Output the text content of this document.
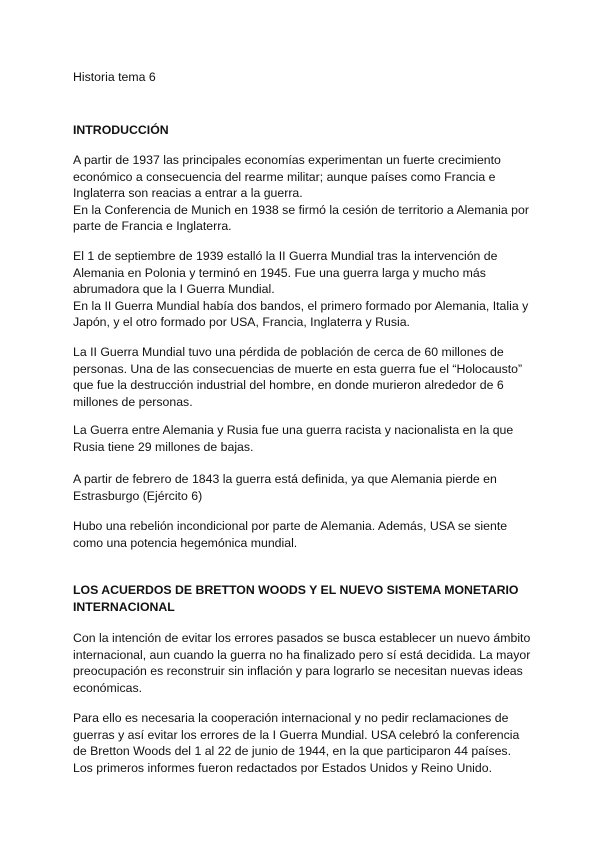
Historia tema 6

INTRODUCCIÓN

A partir de 1937 las principales economías experimentan un fuerte crecimiento

económico a consecuencia del rearme militar; aunque países como Francia e

Inglaterra son reacias a entrar a la guerra.

En la Conferencia de Munich en 1938 se firmó la cesión de territorio a Alemania por

parte de Francia e Inglaterra.

El 1 de septiembre de 1939 estalló la II Guerra Mundial tras la intervención de

Alemania en Polonia y terminó en 1945. Fue una guerra larga y mucho más

abrumadora que la I Guerra Mundial.

En la II Guerra Mundial había dos bandos, el primero formado por Alemania, Italia y

Japón, y el otro formado por USA, Francia, Inglaterra y Rusia.

La II Guerra Mundial tuvo una pérdida de población de cerca de 60 millones de

personas. Una de las consecuencias de muerte en esta guerra fue el “Holocausto”

que fue la destrucción industrial del hombre, en donde murieron alrededor de 6

millones de personas.

La Guerra entre Alemania y Rusia fue una guerra racista y nacionalista en la que

Rusia tiene 29 millones de bajas.

A partir de febrero de 1843 la guerra está definida, ya que Alemania pierde en

Estrasburgo (Ejército 6)

Hubo una rebelión incondicional por parte de Alemania. Además, USA se siente

como una potencia hegemónica mundial.

LOS ACUERDOS DE BRETTON WOODS Y EL NUEVO SISTEMA MONETARIO

INTERNACIONAL

Con la intención de evitar los errores pasados se busca establecer un nuevo ámbito

internacional, aun cuando la guerra no ha finalizado pero sí está decidida. La mayor

preocupación es reconstruir sin inflación y para lograrlo se necesitan nuevas ideas

económicas.

Para ello es necesaria la cooperación internacional y no pedir reclamaciones de

guerras y así evitar los errores de la I Guerra Mundial. USA celebró la conferencia

de Bretton Woods del 1 al 22 de junio de 1944, en la que participaron 44 países.

Los primeros informes fueron redactados por Estados Unidos y Reino Unido.
